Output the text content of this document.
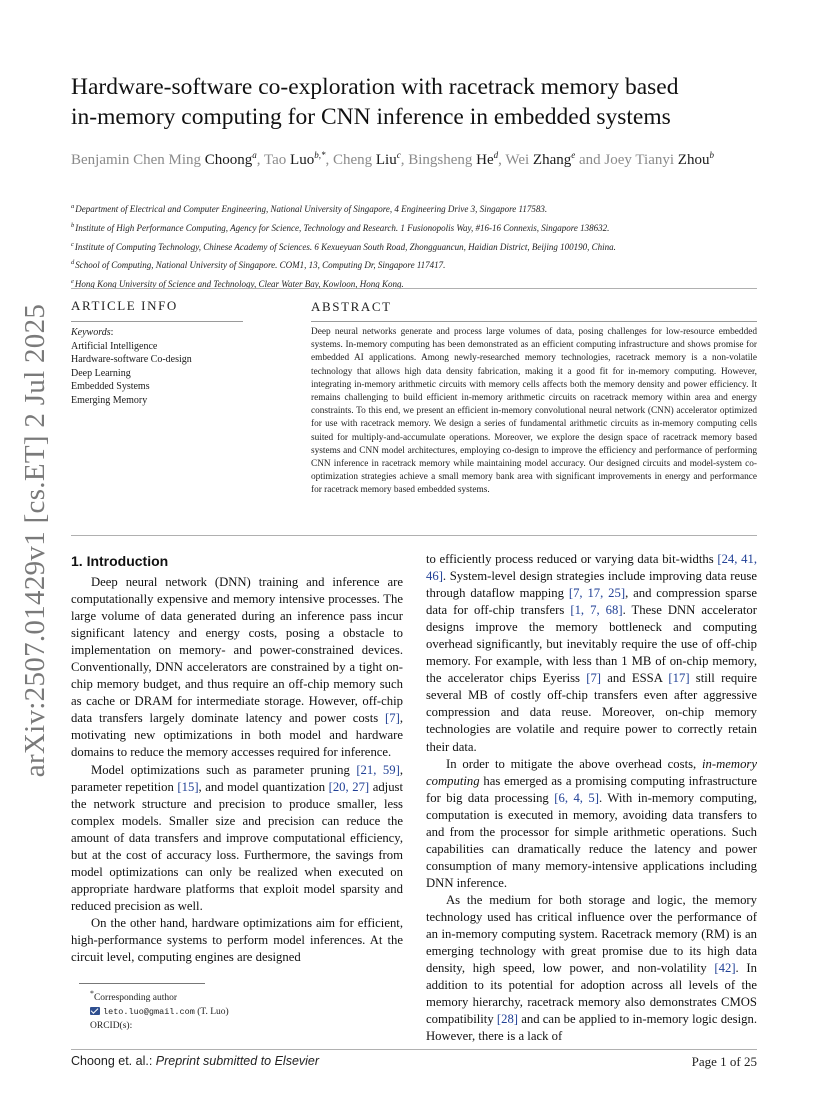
arXiv:2507.01429v1 [cs.ET] 2 Jul 2025
Hardware-software co-exploration with racetrack memory based
in-memory computing for CNN inference in embedded systems
Benjamin Chen Ming Choong$^a$, Tao Luo$^{b,*}$, Cheng Liu$^c$, Bingsheng He$^d$, Wei Zhang$^e$ and Joey Tianyi Zhou$^b$
$^a$Department of Electrical and Computer Engineering, National University of Singapore, 4 Engineering Drive 3, Singapore 117583.
$^b$Institute of High Performance Computing, Agency for Science, Technology and Research. 1 Fusionopolis Way, #16-16 Connexis, Singapore 138632.
$^c$Institute of Computing Technology, Chinese Academy of Sciences. 6 Kexueyuan South Road, Zhongguancun, Haidian District, Beijing 100190, China.
$^d$School of Computing, National University of Singapore. COM1, 13, Computing Dr, Singapore 117417.
$^e$Hong Kong University of Science and Technology, Clear Water Bay, Kowloon, Hong Kong.
ARTICLE INFO	ABSTRACT
Keywords:
Artificial Intelligence
Hardware-software Co-design
Deep Learning
Embedded Systems
Emerging Memory
Deep neural networks generate and process large volumes of data, posing challenges for low-resource embedded systems. In-memory computing has been demonstrated as an efficient computing infrastructure and shows promise for embedded AI applications. Among newly-researched memory technologies, racetrack memory is a non-volatile technology that allows high data density fabrication, making it a good fit for in-memory computing. However, integrating in-memory arithmetic circuits with memory cells affects both the memory density and power efficiency. It remains challenging to build efficient in-memory arithmetic circuits on racetrack memory within area and energy constraints. To this end, we present an efficient in-memory convolutional neural network (CNN) accelerator optimized for use with racetrack memory. We design a series of fundamental arithmetic circuits as in-memory computing cells suited for multiply-and-accumulate operations. Moreover, we explore the design space of racetrack memory based systems and CNN model architectures, employing co-design to improve the efficiency and performance of performing CNN inference in racetrack memory while maintaining model accuracy. Our designed circuits and model-system co-optimization strategies achieve a small memory bank area with significant improvements in energy and performance for racetrack memory based embedded systems.
1. Introduction

Deep neural network (DNN) training and inference are computationally expensive and memory intensive processes. The large volume of data generated during an inference pass incur significant latency and energy costs, posing a obstacle to implementation on memory- and power-constrained devices. Conventionally, DNN accelerators are constrained by a tight on-chip memory budget, and thus require an off-chip memory such as cache or DRAM for intermediate storage. However, off-chip data transfers largely dominate latency and power costs [7], motivating new optimizations in both model and hardware domains to reduce the memory accesses required for inference.

Model optimizations such as parameter pruning [21, 59], parameter repetition [15], and model quantization [20, 27] adjust the network structure and precision to produce smaller, less complex models. Smaller size and precision can reduce the amount of data transfers and improve computational efficiency, but at the cost of accuracy loss. Furthermore, the savings from model optimizations can only be realized when executed on appropriate hardware platforms that exploit model sparsity and reduced precision as well.

On the other hand, hardware optimizations aim for efficient, high-performance systems to perform model inferences. At the circuit level, computing engines are designed

to efficiently process reduced or varying data bit-widths [24, 41, 46]. System-level design strategies include improving data reuse through dataflow mapping [7, 17, 25], and compression sparse data for off-chip transfers [1, 7, 68]. These DNN accelerator designs improve the memory bottleneck and computing overhead significantly, but inevitably require the use of off-chip memory. For example, with less than 1 MB of on-chip memory, the accelerator chips Eyeriss [7] and ESSA [17] still require several MB of costly off-chip transfers even after aggressive compression and data reuse. Moreover, on-chip memory technologies are volatile and require power to correctly retain their data.

In order to mitigate the above overhead costs, in-memory computing has emerged as a promising computing infrastructure for big data processing [6, 4, 5]. With in-memory computing, computation is executed in memory, avoiding data transfers to and from the processor for simple arithmetic operations. Such capabilities can dramatically reduce the latency and power consumption of many memory-intensive applications including DNN inference.

As the medium for both storage and logic, the memory technology used has critical influence over the performance of an in-memory computing system. Racetrack memory (RM) is an emerging technology with great promise due to its high data density, high speed, low power, and non-volatility [42]. In addition to its potential for adoption across all levels of the memory hierarchy, racetrack memory also demonstrates CMOS compatibility [28] and can be applied to in-memory logic design. However, there is a lack of

*Corresponding author
leto.luo@gmail.com (T. Luo)
ORCID(s):
Choong et. al.: Preprint submitted to Elsevier	Page 1 of 25
